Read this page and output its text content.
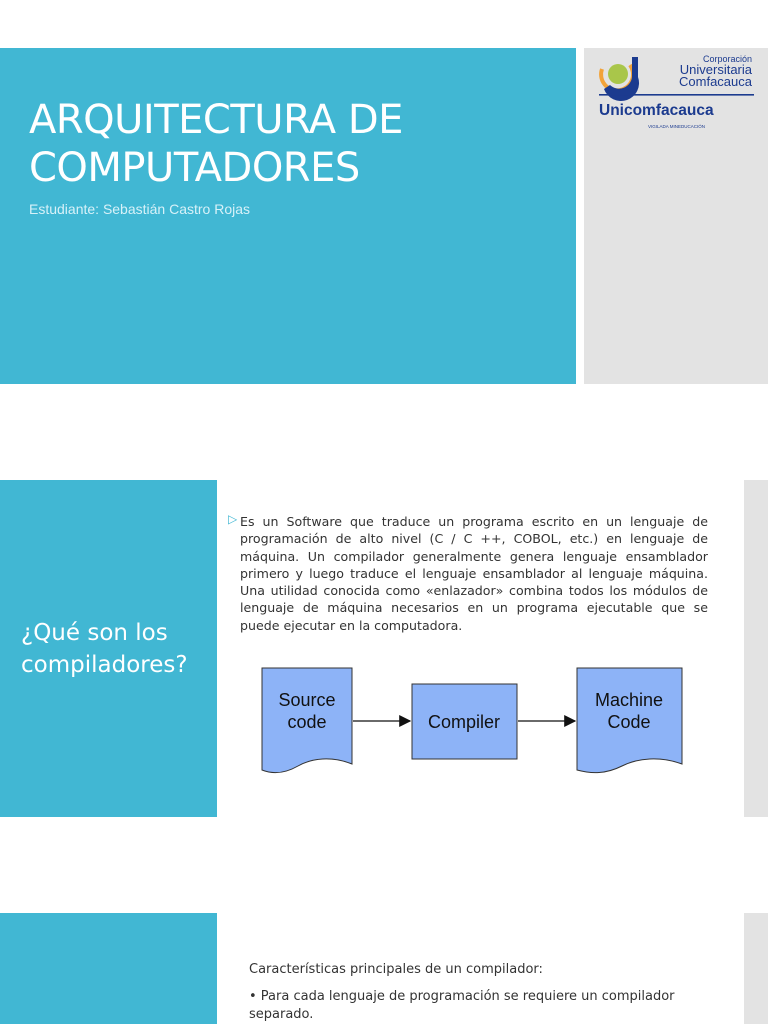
ARQUITECTURA DE
COMPUTADORES
Estudiante: Sebastián Castro Rojas
Corporación
Universitaria
Comfacauca
Unicomfacauca
VIGILADA MINEDUCACIÓN
¿Qué son los
compiladores?
▷ Es un Software que traduce un programa escrito en un lenguaje de programación de alto nivel (C / C ++, COBOL, etc.) en lenguaje de máquina. Un compilador generalmente genera lenguaje ensamblador primero y luego traduce el lenguaje ensamblador al lenguaje máquina. Una utilidad conocida como «enlazador» combina todos los módulos de lenguaje de máquina necesarios en un programa ejecutable que se puede ejecutar en la computadora.

Source
code	Compiler
Machine
Code
Características principales de un compilador:
• Para cada lenguaje de programación se requiere un compilador separado.
